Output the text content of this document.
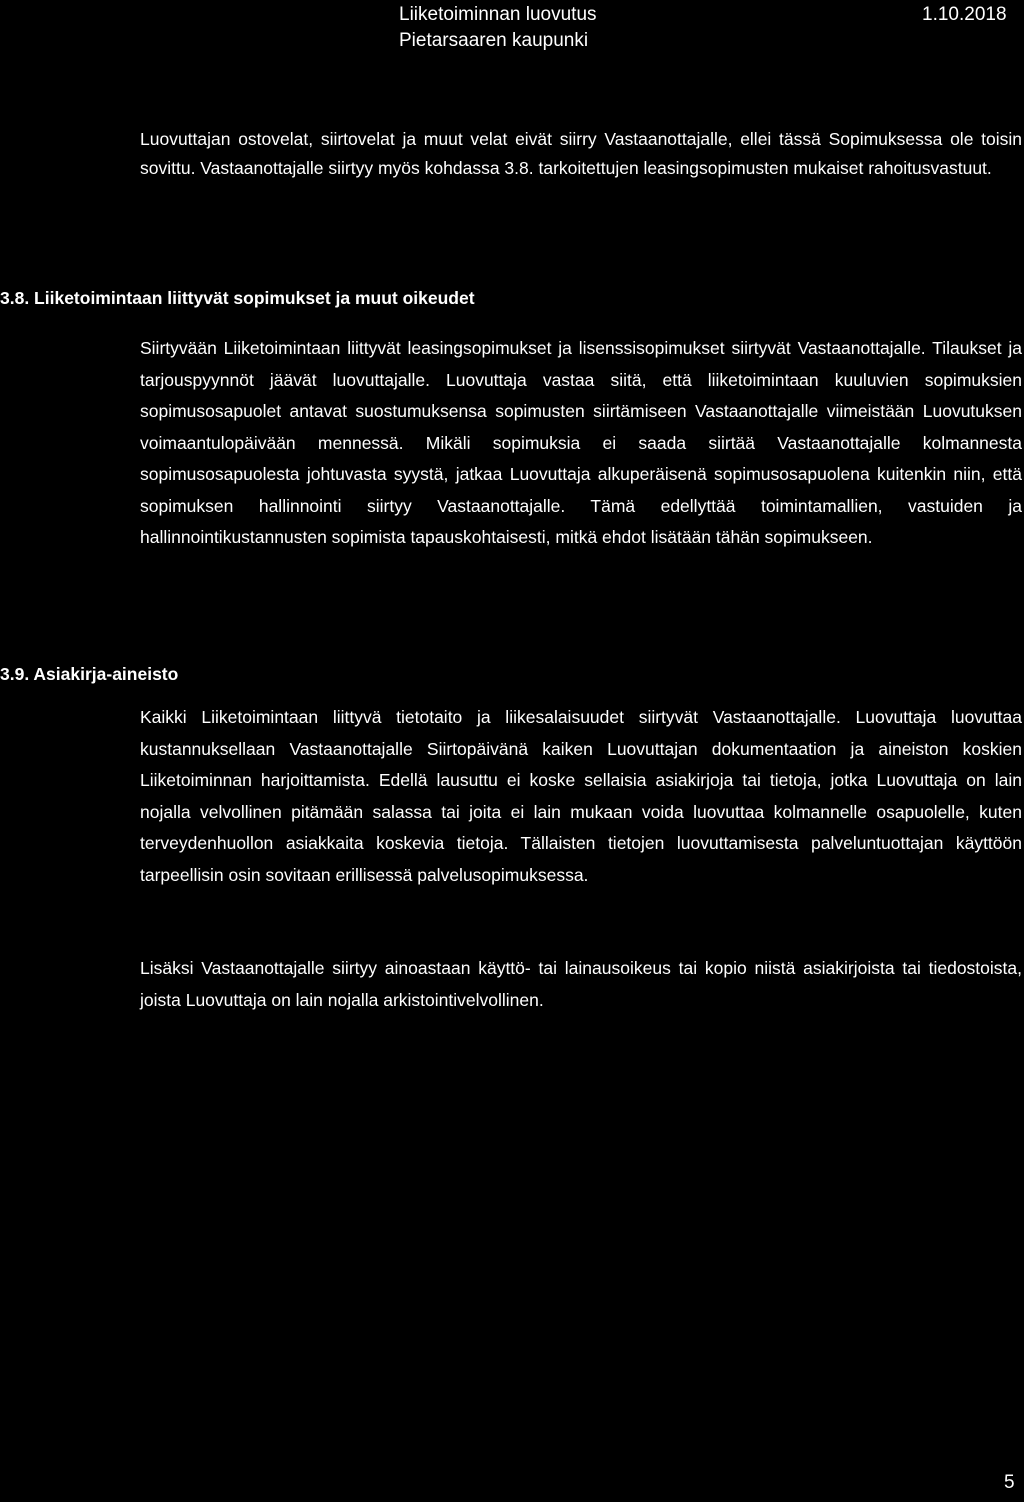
Liiketoiminnan luovutus
Pietarsaaren kaupunki
1.10.2018

Luovuttajan ostovelat, siirtovelat ja muut velat eivät siirry Vastaanottajalle, ellei tässä Sopimuksessa ole toisin sovittu. Vastaanottajalle siirtyy myös kohdassa 3.8. tarkoitettujen leasingsopimusten mukaiset rahoitusvastuut.

3.8. Liiketoimintaan liittyvät sopimukset ja muut oikeudet

Siirtyvään Liiketoimintaan liittyvät leasingsopimukset ja lisenssisopimukset siirtyvät Vastaanottajalle. Tilaukset ja tarjouspyynnöt jäävät luovuttajalle. Luovuttaja vastaa siitä, että liiketoimintaan kuuluvien sopimuksien sopimusosapuolet antavat suostumuksensa sopimusten siirtämiseen Vastaanottajalle viimeistään Luovutuksen voimaantulopäivään mennessä. Mikäli sopimuksia ei saada siirtää Vastaanottajalle kolmannesta sopimusosapuolesta johtuvasta syystä, jatkaa Luovuttaja alkuperäisenä sopimusosapuolena kuitenkin niin, että sopimuksen hallinnointi siirtyy Vastaanottajalle. Tämä edellyttää toimintamallien, vastuiden ja hallinnointikustannusten sopimista tapauskohtaisesti, mitkä ehdot lisätään tähän sopimukseen.

3.9. Asiakirja-aineisto

Kaikki Liiketoimintaan liittyvä tietotaito ja liikesalaisuudet siirtyvät Vastaanottajalle. Luovuttaja luovuttaa kustannuksellaan Vastaanottajalle Siirtopäivänä kaiken Luovuttajan dokumentaation ja aineiston koskien Liiketoiminnan harjoittamista. Edellä lausuttu ei koske sellaisia asiakirjoja tai tietoja, jotka Luovuttaja on lain nojalla velvollinen pitämään salassa tai joita ei lain mukaan voida luovuttaa kolmannelle osapuolelle, kuten terveydenhuollon asiakkaita koskevia tietoja. Tällaisten tietojen luovuttamisesta palveluntuottajan käyttöön tarpeellisin osin sovitaan erillisessä palvelusopimuksessa.

Lisäksi Vastaanottajalle siirtyy ainoastaan käyttö- tai lainausoikeus tai kopio niistä asiakirjoista tai tiedostoista, joista Luovuttaja on lain nojalla arkistointivelvollinen.

5
